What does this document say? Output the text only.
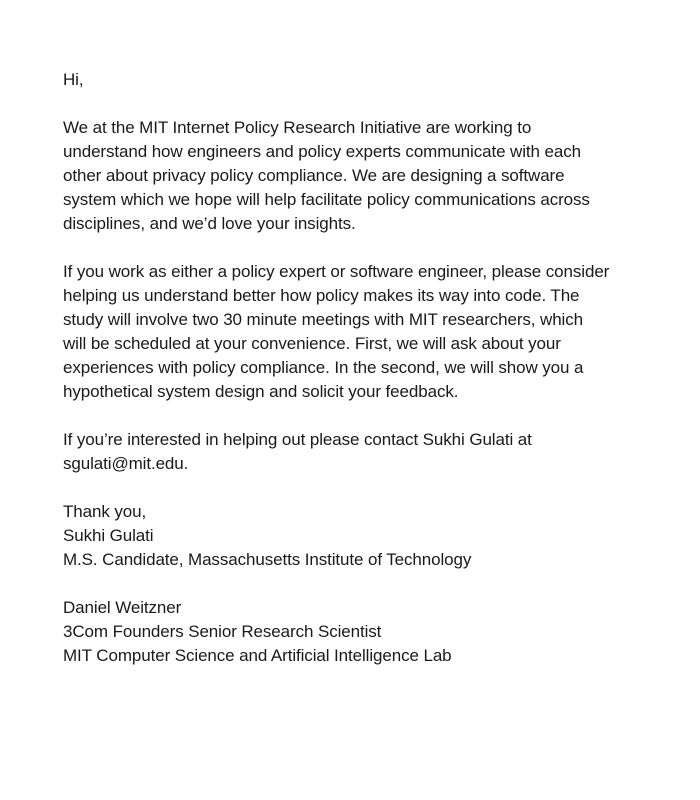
Hi,

We at the MIT Internet Policy Research Initiative are working to
understand how engineers and policy experts communicate with each
other about privacy policy compliance. We are designing a software
system which we hope will help facilitate policy communications across
disciplines, and we’d love your insights.

If you work as either a policy expert or software engineer, please consider
helping us understand better how policy makes its way into code. The
study will involve two 30 minute meetings with MIT researchers, which
will be scheduled at your convenience. First, we will ask about your
experiences with policy compliance. In the second, we will show you a
hypothetical system design and solicit your feedback.

If you’re interested in helping out please contact Sukhi Gulati at
sgulati@mit.edu.

Thank you,
Sukhi Gulati
M.S. Candidate, Massachusetts Institute of Technology

Daniel Weitzner
3Com Founders Senior Research Scientist
MIT Computer Science and Artificial Intelligence Lab
